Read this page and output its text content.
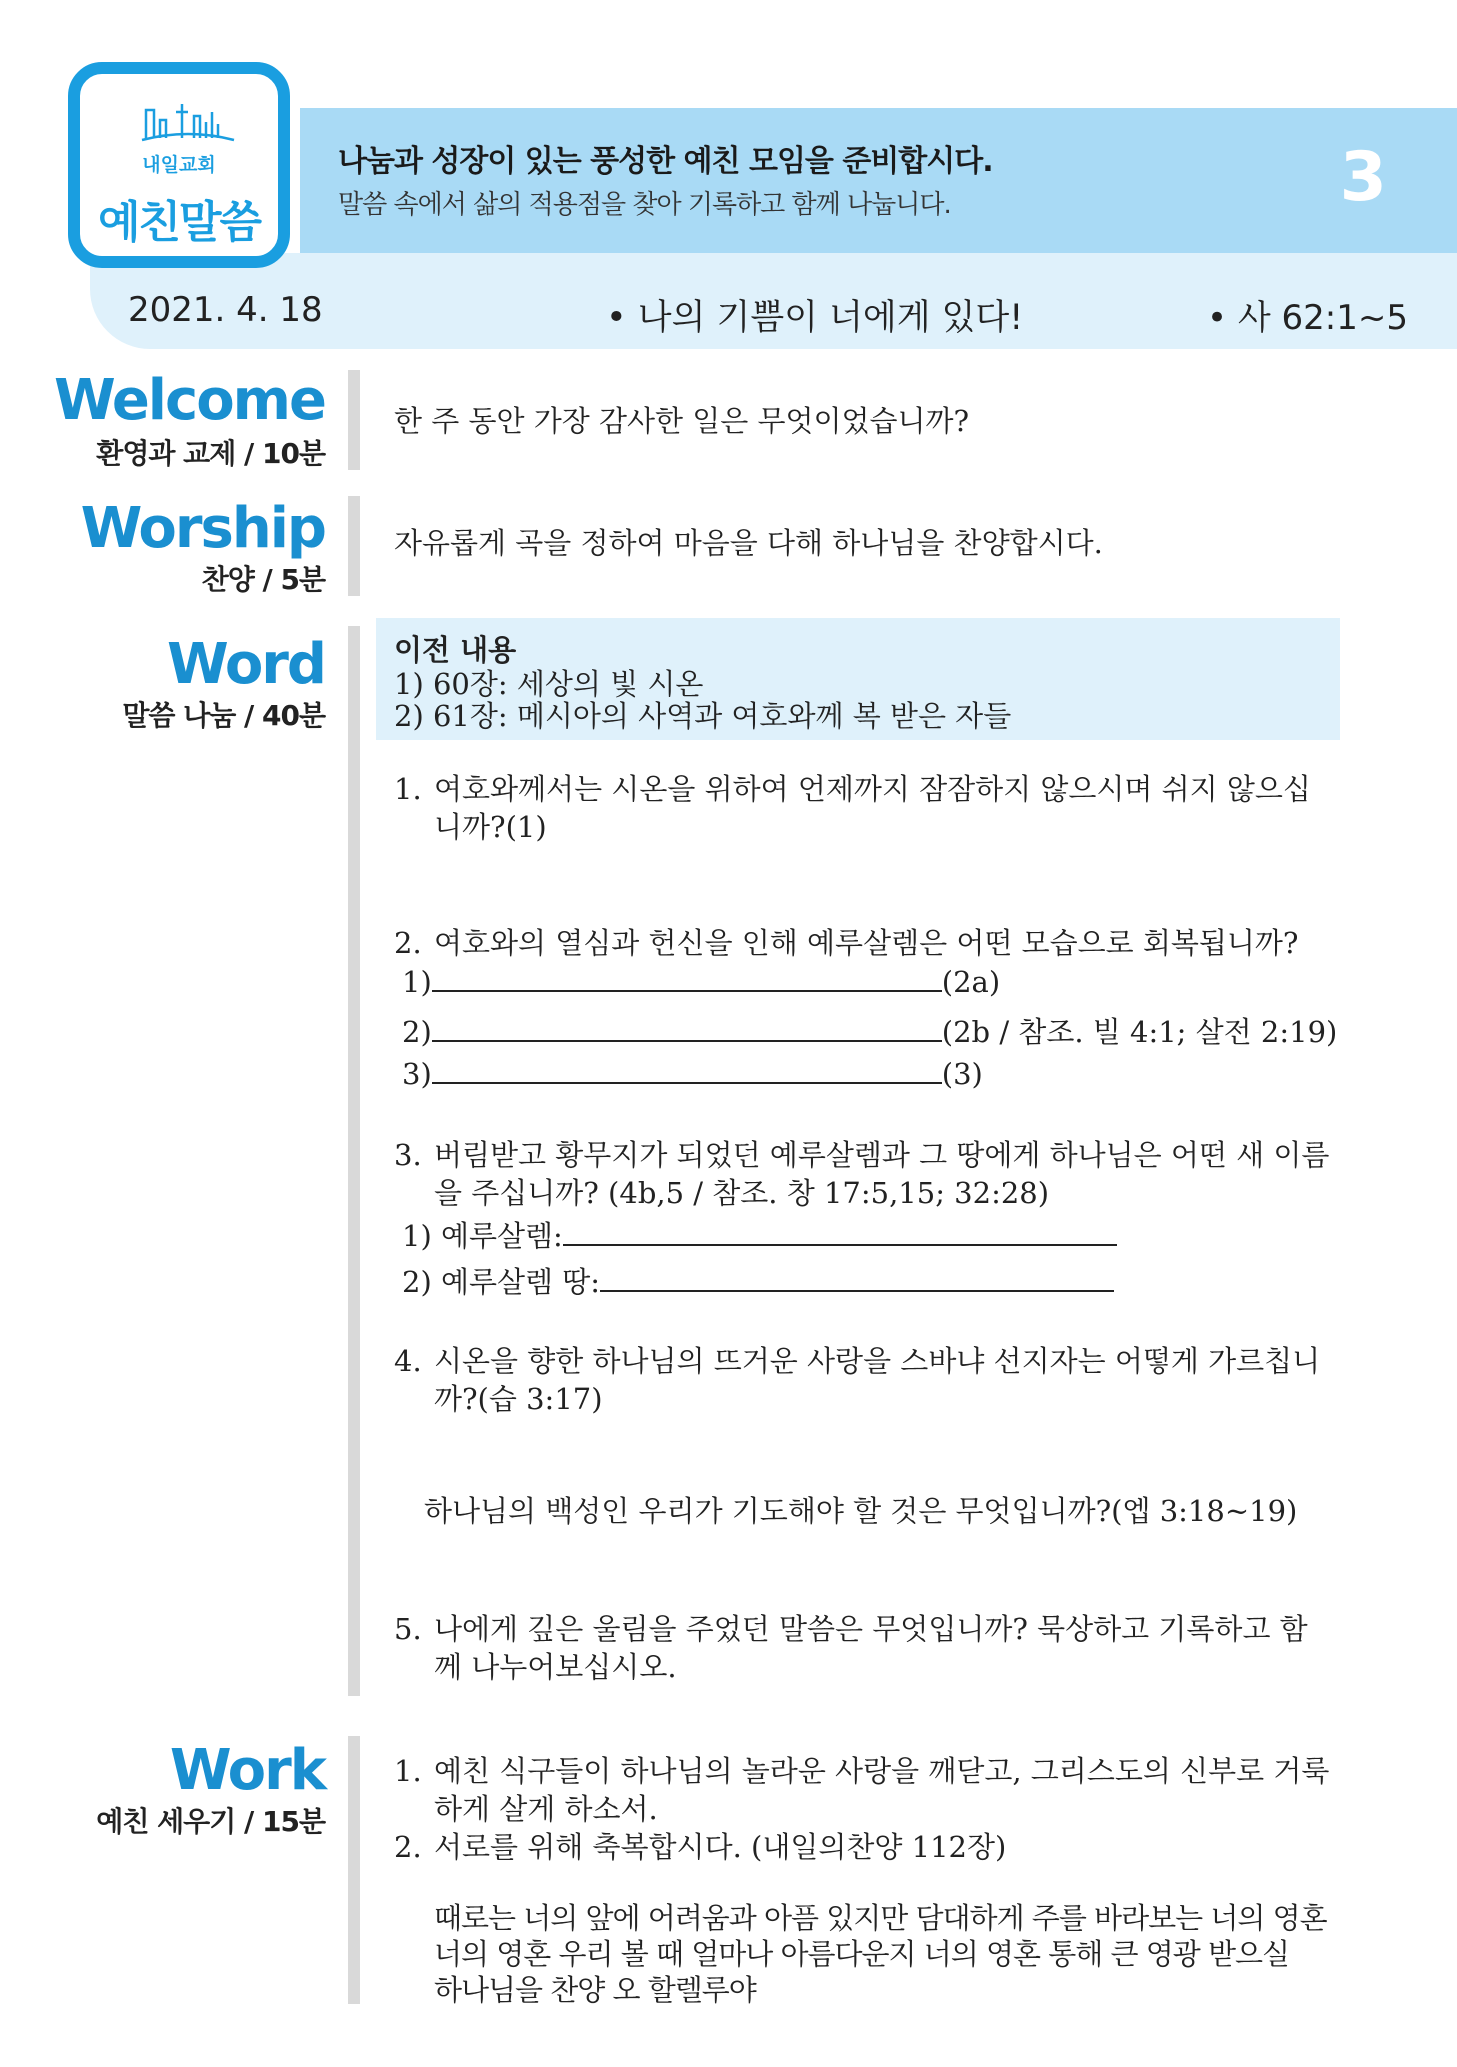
내일교회
예친말씀
나눔과 성장이 있는 풍성한 예친 모임을 준비합시다.
말씀 속에서 삶의 적용점을 찾아 기록하고 함께 나눕니다.	3
2021. 4. 18	• 나의 기쁨이 너에게 있다!	• 사 62:1~5
Welcome
환영과 교제 / 10분
한 주 동안 가장 감사한 일은 무엇이었습니까?
Worship
찬양 / 5분
자유롭게 곡을 정하여 마음을 다해 하나님을 찬양합시다.
Word
말씀 나눔 / 40분
이전 내용
1) 60장: 세상의 빛 시온
2) 61장: 메시아의 사역과 여호와께 복 받은 자들
1. 여호와께서는 시온을 위하여 언제까지 잠잠하지 않으시며 쉬지 않으십니까?(1)
2. 여호와의 열심과 헌신을 인해 예루살렘은 어떤 모습으로 회복됩니까?
1)	(2a)
2)	(2b / 참조. 빌 4:1; 살전 2:19)
3)	(3)
3. 버림받고 황무지가 되었던 예루살렘과 그 땅에게 하나님은 어떤 새 이름을 주십니까? (4b,5 / 참조. 창 17:5,15; 32:28)
1) 예루살렘:
2) 예루살렘 땅:
4. 시온을 향한 하나님의 뜨거운 사랑을 스바냐 선지자는 어떻게 가르칩니까?(습 3:17)
하나님의 백성인 우리가 기도해야 할 것은 무엇입니까?(엡 3:18~19)
5. 나에게 깊은 울림을 주었던 말씀은 무엇입니까? 묵상하고 기록하고 함께 나누어보십시오.
Work
예친 세우기 / 15분
1. 예친 식구들이 하나님의 놀라운 사랑을 깨닫고, 그리스도의 신부로 거룩하게 살게 하소서.
2. 서로를 위해 축복합시다. (내일의찬양 112장)
때로는 너의 앞에 어려움과 아픔 있지만 담대하게 주를 바라보는 너의 영혼
너의 영혼 우리 볼 때 얼마나 아름다운지 너의 영혼 통해 큰 영광 받으실
하나님을 찬양 오 할렐루야
